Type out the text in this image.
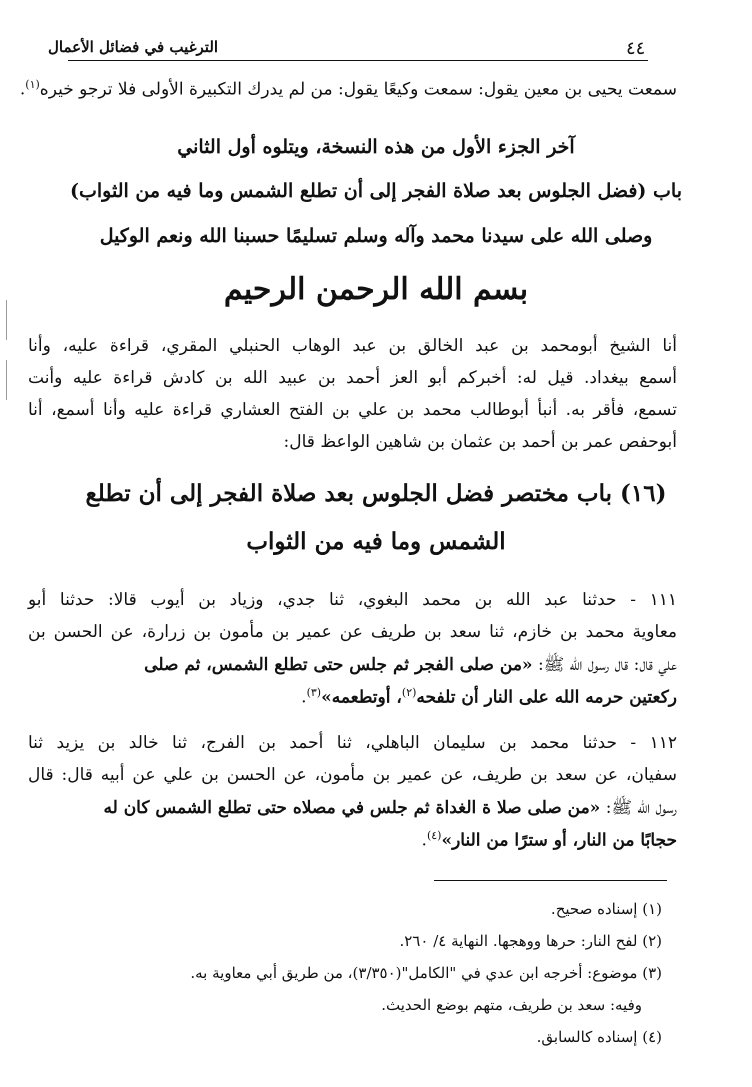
٤٤
الترغيب في فضائل الأعمال
سمعت يحيى بن معين يقول: سمعت وكيعًا يقول: من لم يدرك التكبيرة الأولى فلا ترجو خيره$^{(١)}$.
آخر الجزء الأول من هذه النسخة، ويتلوه أول الثاني
باب (فضل الجلوس بعد صلاة الفجر إلى أن تطلع الشمس وما فيه من الثواب)
وصلى الله على سيدنا محمد وآله وسلم تسليمًا حسبنا الله ونعم الوكيل
بسم الله الرحمن الرحيم
أنا الشيخ أبومحمد بن عبد الخالق بن عبد الوهاب الحنبلي المقري، قراءة عليه، وأنا
أسمع بيغداد. قيل له: أخبركم أبو العز أحمد بن عبيد الله بن كادش قراءة عليه وأنت
تسمع، فأقر به. أنبأ أبوطالب محمد بن علي بن الفتح العشاري قراءة عليه وأنا أسمع، أنا
أبوحفص عمر بن أحمد بن عثمان بن شاهين الواعظ قال:
(١٦) باب مختصر فضل الجلوس بعد صلاة الفجر إلى أن تطلع
الشمس وما فيه من الثواب
١١١ - حدثنا عبد الله بن محمد البغوي، ثنا جدي، وزياد بن أيوب قالا: حدثنا أبو
معاوية محمد بن خازم، ثنا سعد بن طريف عن عمير بن مأمون بن زرارة، عن الحسن بن
علي قال: قال رسول الله ﷺ: «من صلى الفجر ثم جلس حتى تطلع الشمس، ثم صلى
ركعتين حرمه الله على النار أن تلفحه$^{(٢)}$، أوتطعمه»$^{(٣)}$.
١١٢ - حدثنا محمد بن سليمان الباهلي، ثنا أحمد بن الفرج، ثنا خالد بن يزيد ثنا
سفيان، عن سعد بن طريف، عن عمير بن مأمون، عن الحسن بن علي عن أبيه قال: قال
رسول الله ﷺ: «من صلى صلا ة الغداة ثم جلس في مصلاه حتى تطلع الشمس كان له
حجابًا من النار، أو سترًا من النار»$^{(٤)}$.
(١) إسناده صحيح.
(٢) لفح النار: حرها ووهجها. النهاية ٤/ ٢٦٠.
(٣) موضوع: أخرجه ابن عدي في "الكامل"(٣/٣٥٠)، من طريق أبي معاوية به.
وفيه: سعد بن طريف، متهم بوضع الحديث.
(٤) إسناده كالسابق.
